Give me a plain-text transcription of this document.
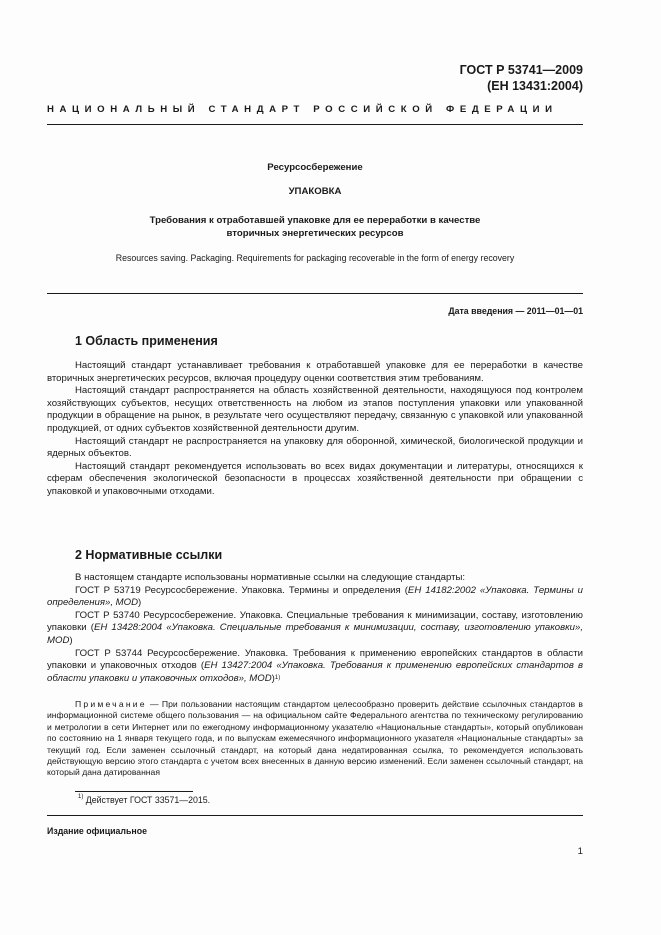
ГОСТ Р 53741—2009
(ЕН 13431:2004)
НАЦИОНАЛЬНЫЙ СТАНДАРТ РОССИЙСКОЙ ФЕДЕРАЦИИ
Ресурсосбережение
УПАКОВКА
Требования к отработавшей упаковке для ее переработки в качестве
вторичных энергетических ресурсов
Resources saving. Packaging. Requirements for packaging recoverable in the form of energy recovery
Дата введения — 2011—01—01
1 Область применения

Настоящий стандарт устанавливает требования к отработавшей упаковке для ее переработки в качестве вторичных энергетических ресурсов, включая процедуру оценки соответствия этим требованиям.

Настоящий стандарт распространяется на область хозяйственной деятельности, находящуюся под контролем хозяйствующих субъектов, несущих ответственность на любом из этапов поступления упаковки или упакованной продукции в обращение на рынок, в результате чего осуществляют передачу, связанную с упаковкой или упакованной продукцией, от одних субъектов хозяйственной деятельности другим.

Настоящий стандарт не распространяется на упаковку для оборонной, химической, биологической продукции и ядерных объектов.

Настоящий стандарт рекомендуется использовать во всех видах документации и литературы, относящихся к сферам обеспечения экологической безопасности в процессах хозяйственной деятельности при обращении с упаковкой и упаковочными отходами.

2 Нормативные ссылки

В настоящем стандарте использованы нормативные ссылки на следующие стандарты:

ГОСТ Р 53719 Ресурсосбережение. Упаковка. Термины и определения (ЕН 14182:2002 «Упаковка. Термины и определения», MOD)

ГОСТ Р 53740 Ресурсосбережение. Упаковка. Специальные требования к минимизации, составу, изготовлению упаковки (ЕН 13428:2004 «Упаковка. Специальные требования к минимизации, составу, изготовлению упаковки», MOD)

ГОСТ Р 53744 Ресурсосбережение. Упаковка. Требования к применению европейских стандартов в области упаковки и упаковочных отходов (ЕН 13427:2004 «Упаковка. Требования к применению европейских стандартов в области упаковки и упаковочных отходов», MOD)$^{1)}$

Примечание — При пользовании настоящим стандартом целесообразно проверить действие ссылочных стандартов в информационной системе общего пользования — на официальном сайте Федерального агентства по техническому регулированию и метрологии в сети Интернет или по ежегодному информационному указателю «Национальные стандарты», который опубликован по состоянию на 1 января текущего года, и по выпускам ежемесячного информационного указателя «Национальные стандарты» за текущий год. Если заменен ссылочный стандарт, на который дана недатированная ссылка, то рекомендуется использовать действующую версию этого стандарта с учетом всех внесенных в данную версию изменений. Если заменен ссылочный стандарт, на который дана датированная

$^{1)}$ Действует ГОСТ 33571—2015.
Издание официальное
1
